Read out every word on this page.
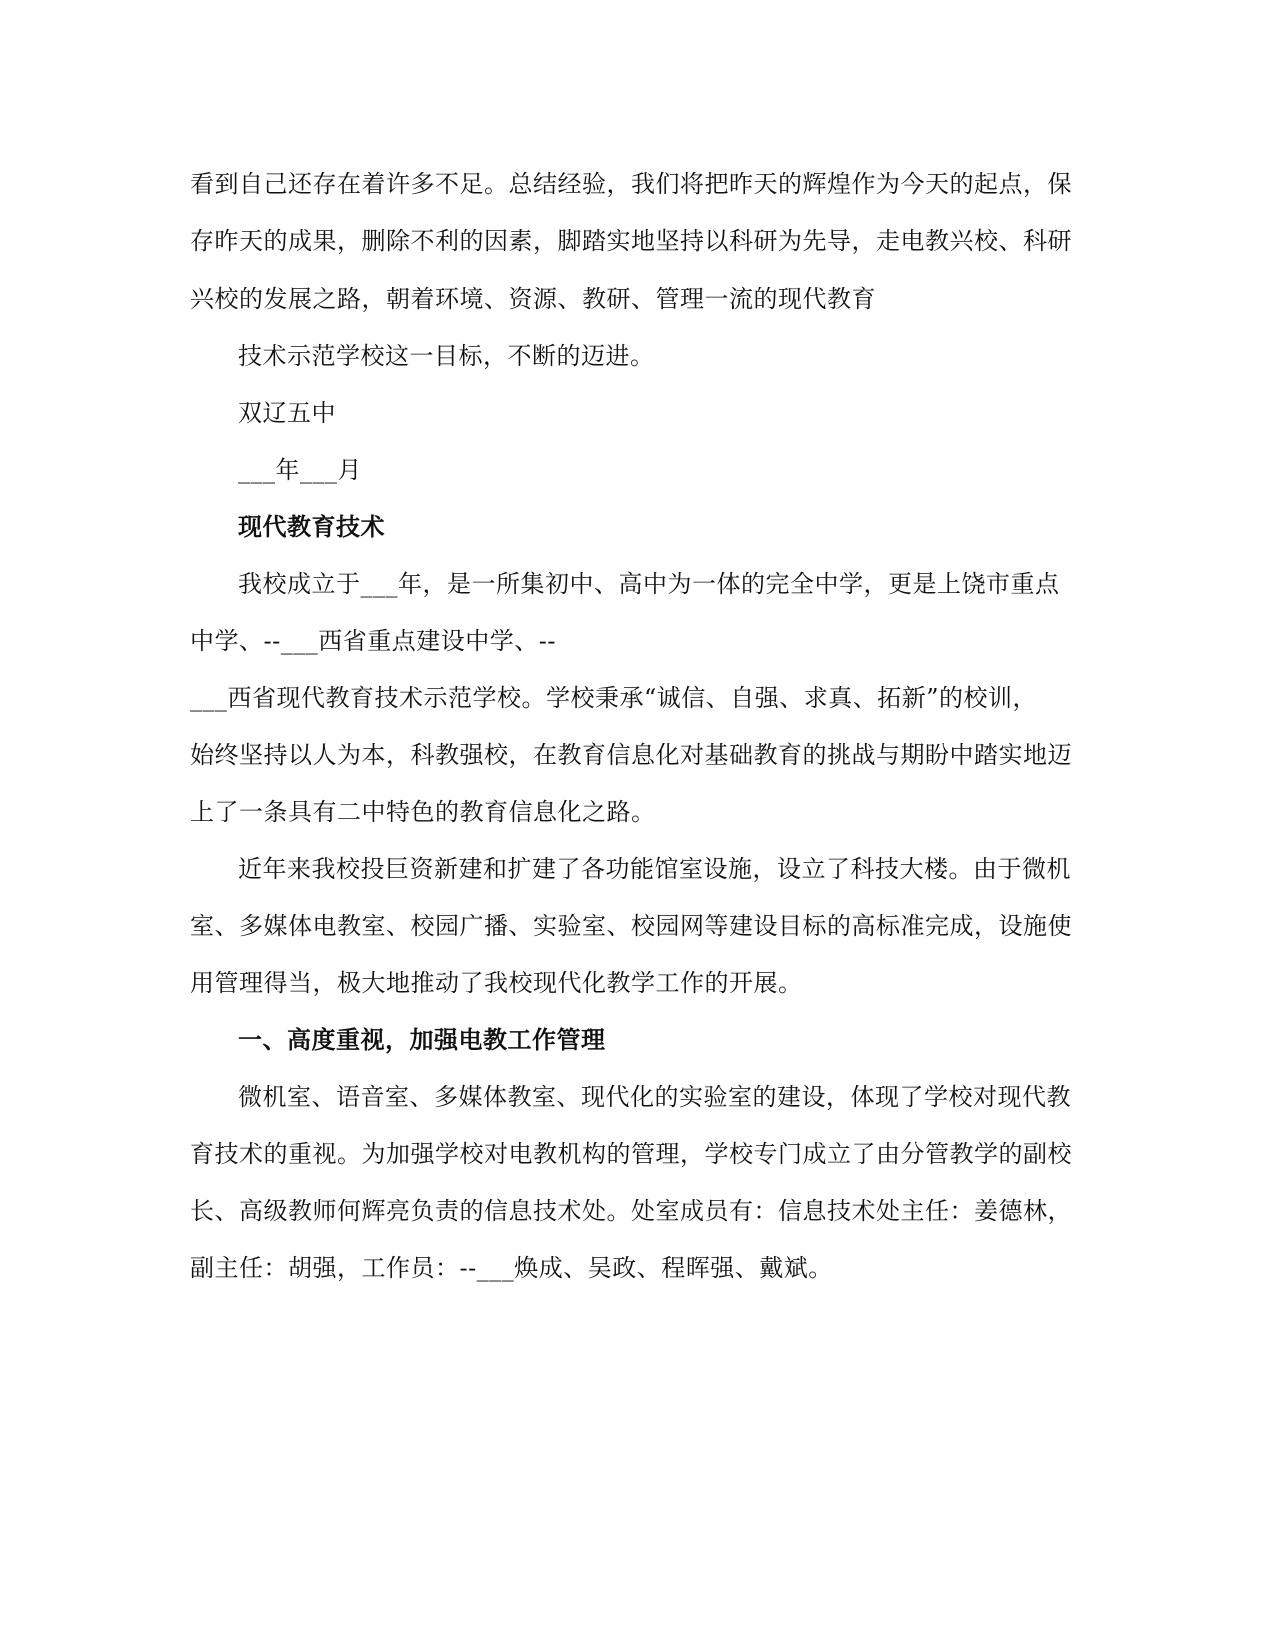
看到自己还存在着许多不足。总结经验，我们将把昨天的辉煌作为今天的起点，保
存昨天的成果，删除不利的因素，脚踏实地坚持以科研为先导，走电教兴校、科研
兴校的发展之路，朝着环境、资源、教研、管理一流的现代教育
技术示范学校这一目标，不断的迈进。
双辽五中
___年___月
现代教育技术
我校成立于___年，是一所集初中、高中为一体的完全中学，更是上饶市重点
中学、--___西省重点建设中学、--
___西省现代教育技术示范学校。学校秉承“诚信、自强、求真、拓新”的校训，
始终坚持以人为本，科教强校，在教育信息化对基础教育的挑战与期盼中踏实地迈
上了一条具有二中特色的教育信息化之路。
近年来我校投巨资新建和扩建了各功能馆室设施，设立了科技大楼。由于微机
室、多媒体电教室、校园广播、实验室、校园网等建设目标的高标准完成，设施使
用管理得当，极大地推动了我校现代化教学工作的开展。
一、高度重视，加强电教工作管理
微机室、语音室、多媒体教室、现代化的实验室的建设，体现了学校对现代教
育技术的重视。为加强学校对电教机构的管理，学校专门成立了由分管教学的副校
长、高级教师何辉亮负责的信息技术处。处室成员有：信息技术处主任：姜德林，
副主任：胡强，工作员：--___焕成、吴政、程晖强、戴斌。
